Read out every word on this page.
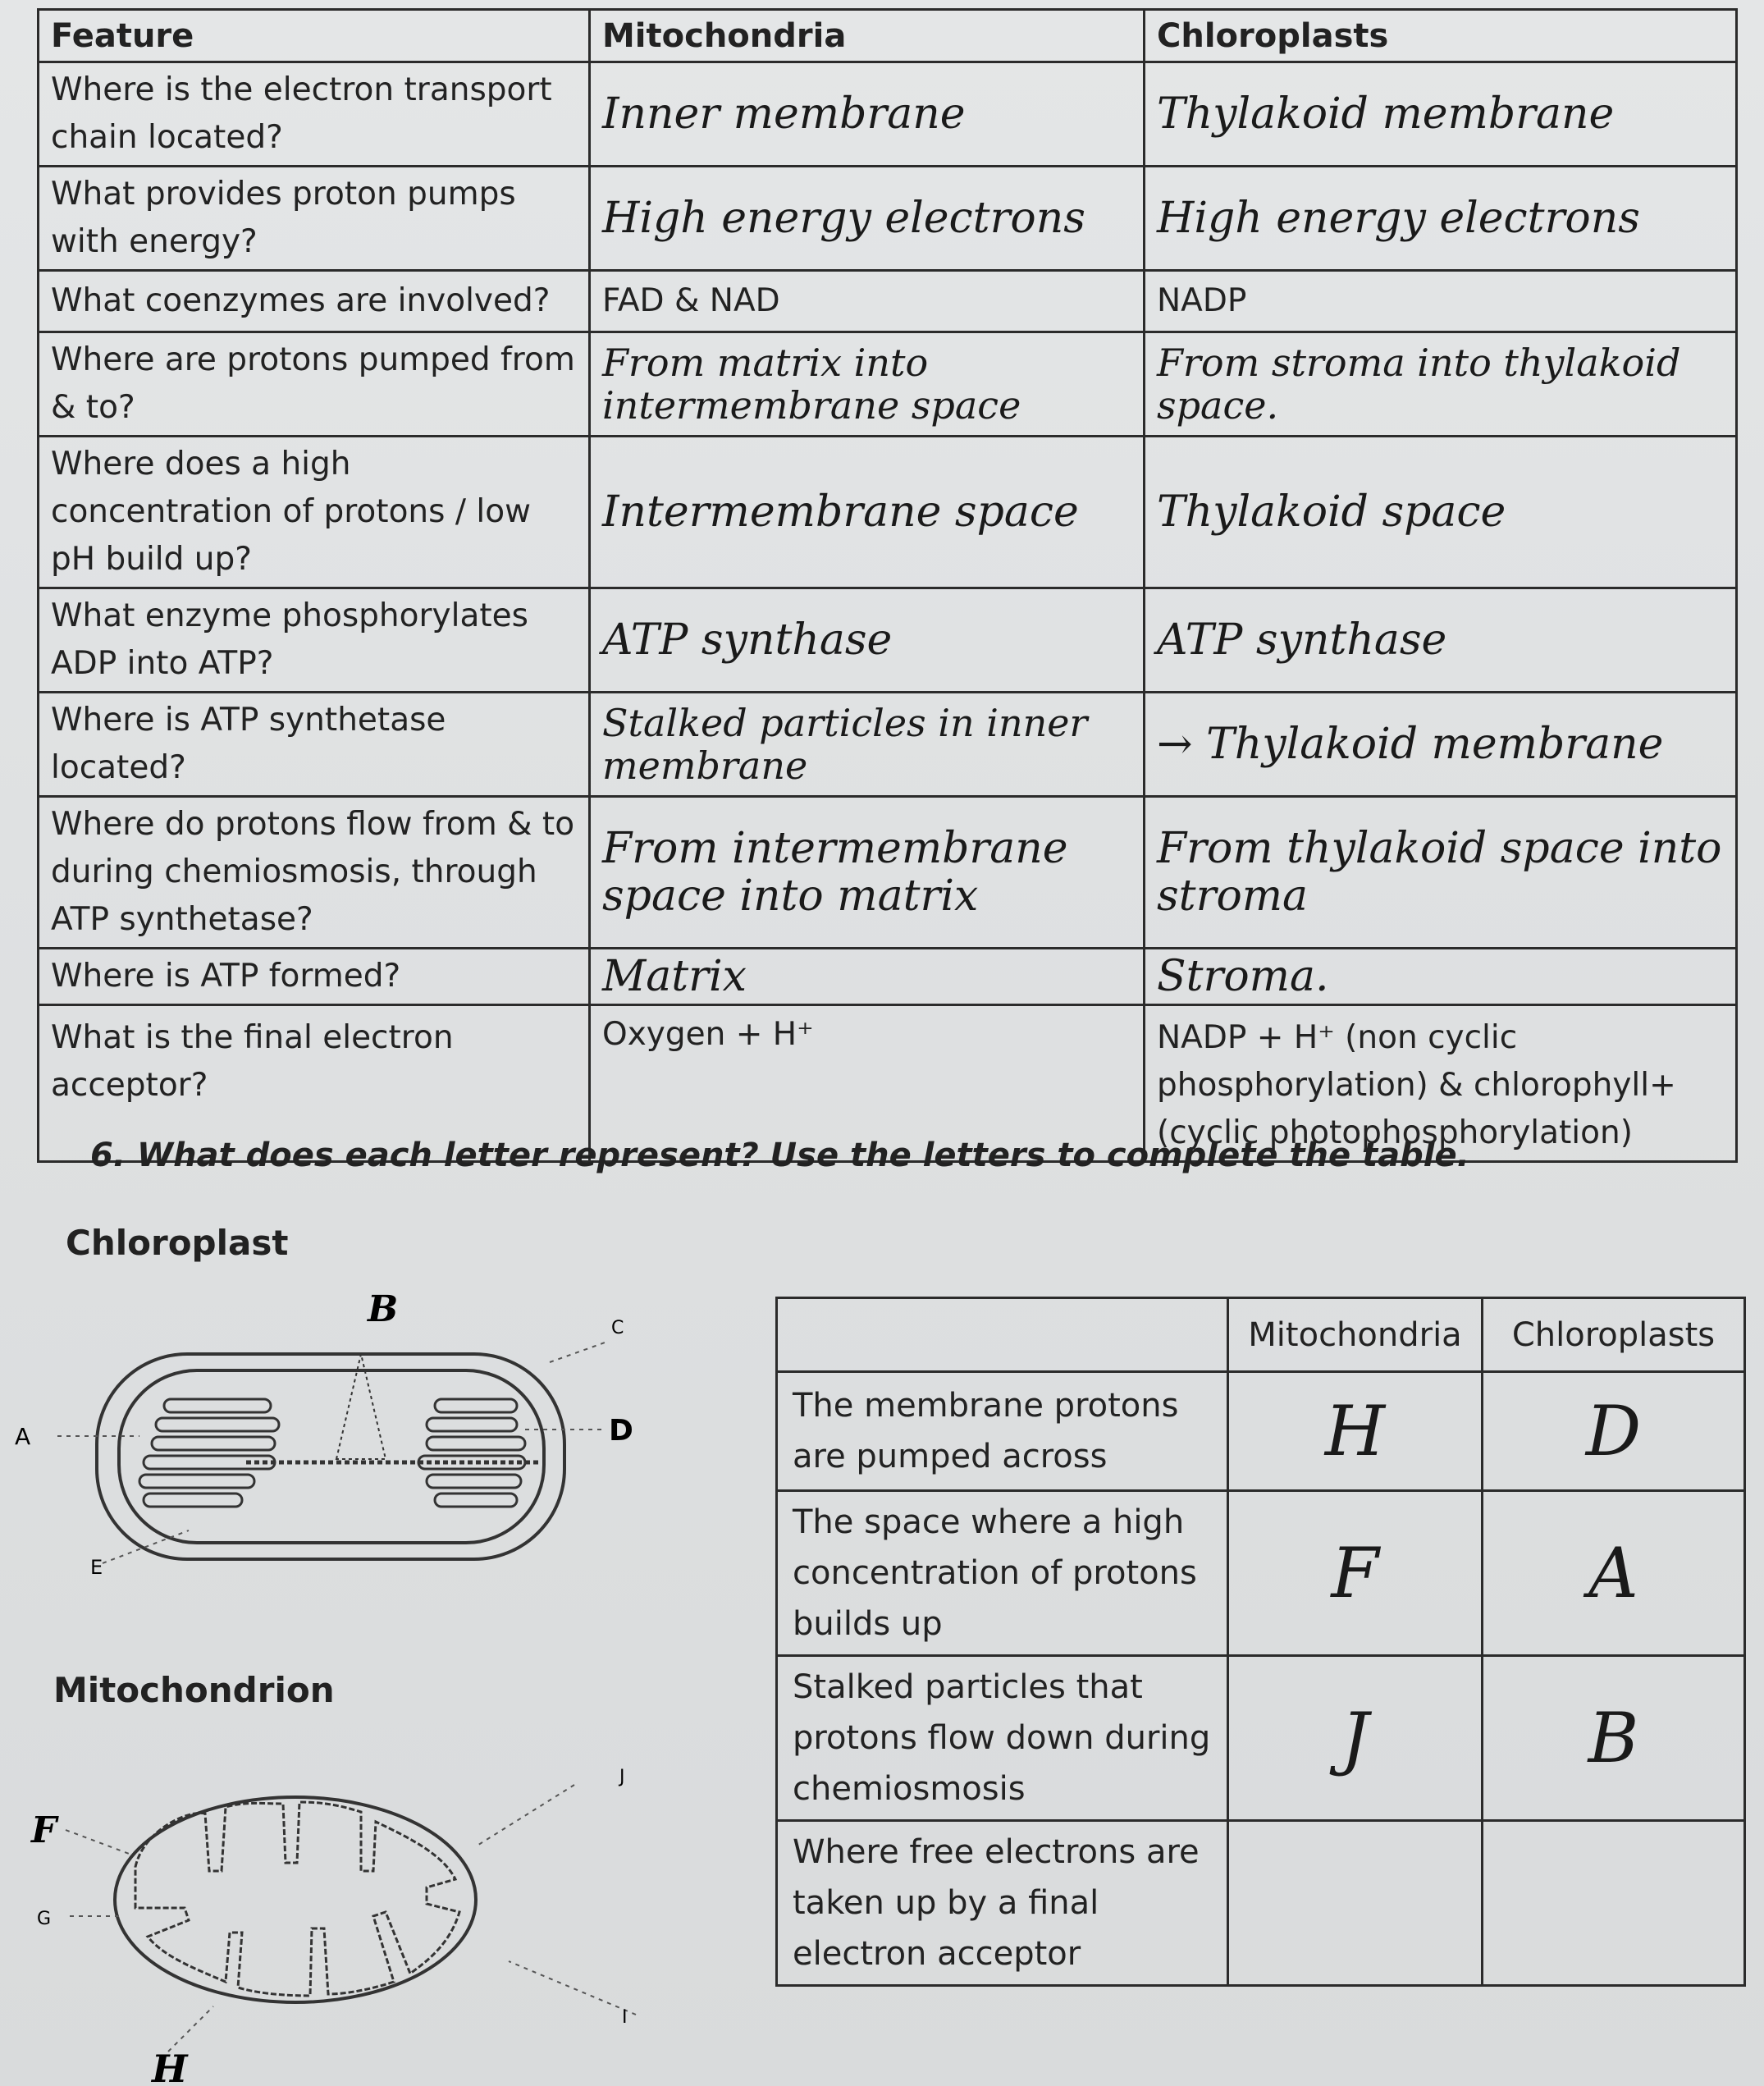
Feature	Mitochondria	Chloroplasts
Where is the electron transport chain located?	Inner membrane	Thylakoid membrane
What provides proton pumps with energy?	High energy electrons	High energy electrons
What coenzymes are involved?	FAD & NAD	NADP
Where are protons pumped from & to?	From matrix into intermembrane space	From stroma into thylakoid space.
Where does a high concentration of protons / low pH build up?	Intermembrane space	Thylakoid space
What enzyme phosphorylates ADP into ATP?	ATP synthase	ATP synthase
Where is ATP synthetase located?	Stalked particles in inner membrane	→ Thylakoid membrane
Where do protons flow from & to during chemiosmosis, through ATP synthetase?	From intermembrane space into matrix	From thylakoid space into stroma
Where is ATP formed?	Matrix	Stroma.
What is the final electron acceptor?	Oxygen + H⁺	NADP + H⁺ (non cyclic phosphorylation) & chlorophyll+ (cyclic photophosphorylation)
6. What does each letter represent? Use the letters to complete the table.
Chloroplast
A
B	C
D
E
Mitochondrion
F
G
H
I
J
	Mitochondria	Chloroplasts
The membrane protons are pumped across	H	D
The space where a high concentration of protons builds up	F	A
Stalked particles that protons flow down during chemiosmosis	J	B
Where free electrons are taken up by a final electron acceptor		
